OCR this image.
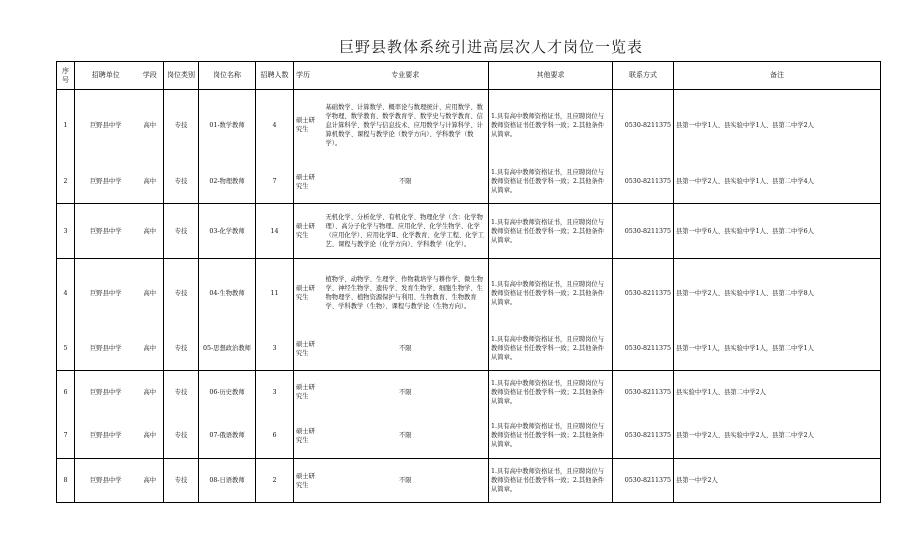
巨野县教体系统引进高层次人才岗位一览表
序号	招聘单位	学段	岗位类别	岗位名称	招聘人数	学历	专业要求	其他要求	联系方式	备注
1	巨野县中学	高中	专技	01-数学教师	4	硕士研究生	基础数学、计算数学、概率论与数理统计、应用数学、数学物理、数学教育、数学教育学、数学史与数学教育、信息计算科学、数学与信息技术、应用数学与计算科学、计算机数学、课程与教学论（数学方向）、学科教学（数学）。	1.具有高中教师资格证书，且应聘岗位与教师资格证书任教学科一致；2.其他条件从简章。	0530-8211375	县第一中学1人、县实验中学1人、县第二中学2人
2	巨野县中学	高中	专技	02-物理教师	7	硕士研究生	不限	1.具有高中教师资格证书，且应聘岗位与教师资格证书任教学科一致；2.其他条件从简章。	0530-8211375	县第一中学2人、县实验中学1人、县第二中学4人
3	巨野县中学	高中	专技	03-化学教师	14	硕士研究生	无机化学、分析化学、有机化学、物理化学（含：化学物理）、高分子化学与物理、应用化学、化学生物学、化学（应用化学）、应用化学Ⅱ、化学教育、化学工程、化学工艺、课程与教学论（化学方向）、学科教学（化学）。	1.具有高中教师资格证书，且应聘岗位与教师资格证书任教学科一致；2.其他条件从简章。	0530-8211375	县第一中学6人、县实验中学1人、县第二中学6人
4	巨野县中学	高中	专技	04-生物教师	11	硕士研究生	植物学、动物学、生理学、作物栽培学与耕作学、微生物学、神经生物学、遗传学、发育生物学、细胞生物学、生物物理学、植物资源保护与利用、生物教育、生物教育学、学科教学（生物）、课程与教学论（生物方向）。	1.具有高中教师资格证书，且应聘岗位与教师资格证书任教学科一致；2.其他条件从简章。	0530-8211375	县第一中学2人、县实验中学1人、县第二中学8人
5	巨野县中学	高中	专技	05-思想政治教师	3	硕士研究生	不限	1.具有高中教师资格证书，且应聘岗位与教师资格证书任教学科一致；2.其他条件从简章。	0530-8211375	县第一中学1人，县实验中学1人，县第二中学1人
6	巨野县中学	高中	专技	06-历史教师	3	硕士研究生	不限	1.具有高中教师资格证书，且应聘岗位与教师资格证书任教学科一致；2.其他条件从简章。	0530-8211375	县实验中学1人、县第二中学2人
7	巨野县中学	高中	专技	07-俄语教师	6	硕士研究生	不限	1.具有高中教师资格证书，且应聘岗位与教师资格证书任教学科一致；2.其他条件从简章。	0530-8211375	县第一中学2人、县实验中学2人、县第二中学2人
8	巨野县中学	高中	专技	08-日语教师	2	硕士研究生	不限	1.具有高中教师资格证书，且应聘岗位与教师资格证书任教学科一致；2.其他条件从简章。	0530-8211375	县第一中学2人
